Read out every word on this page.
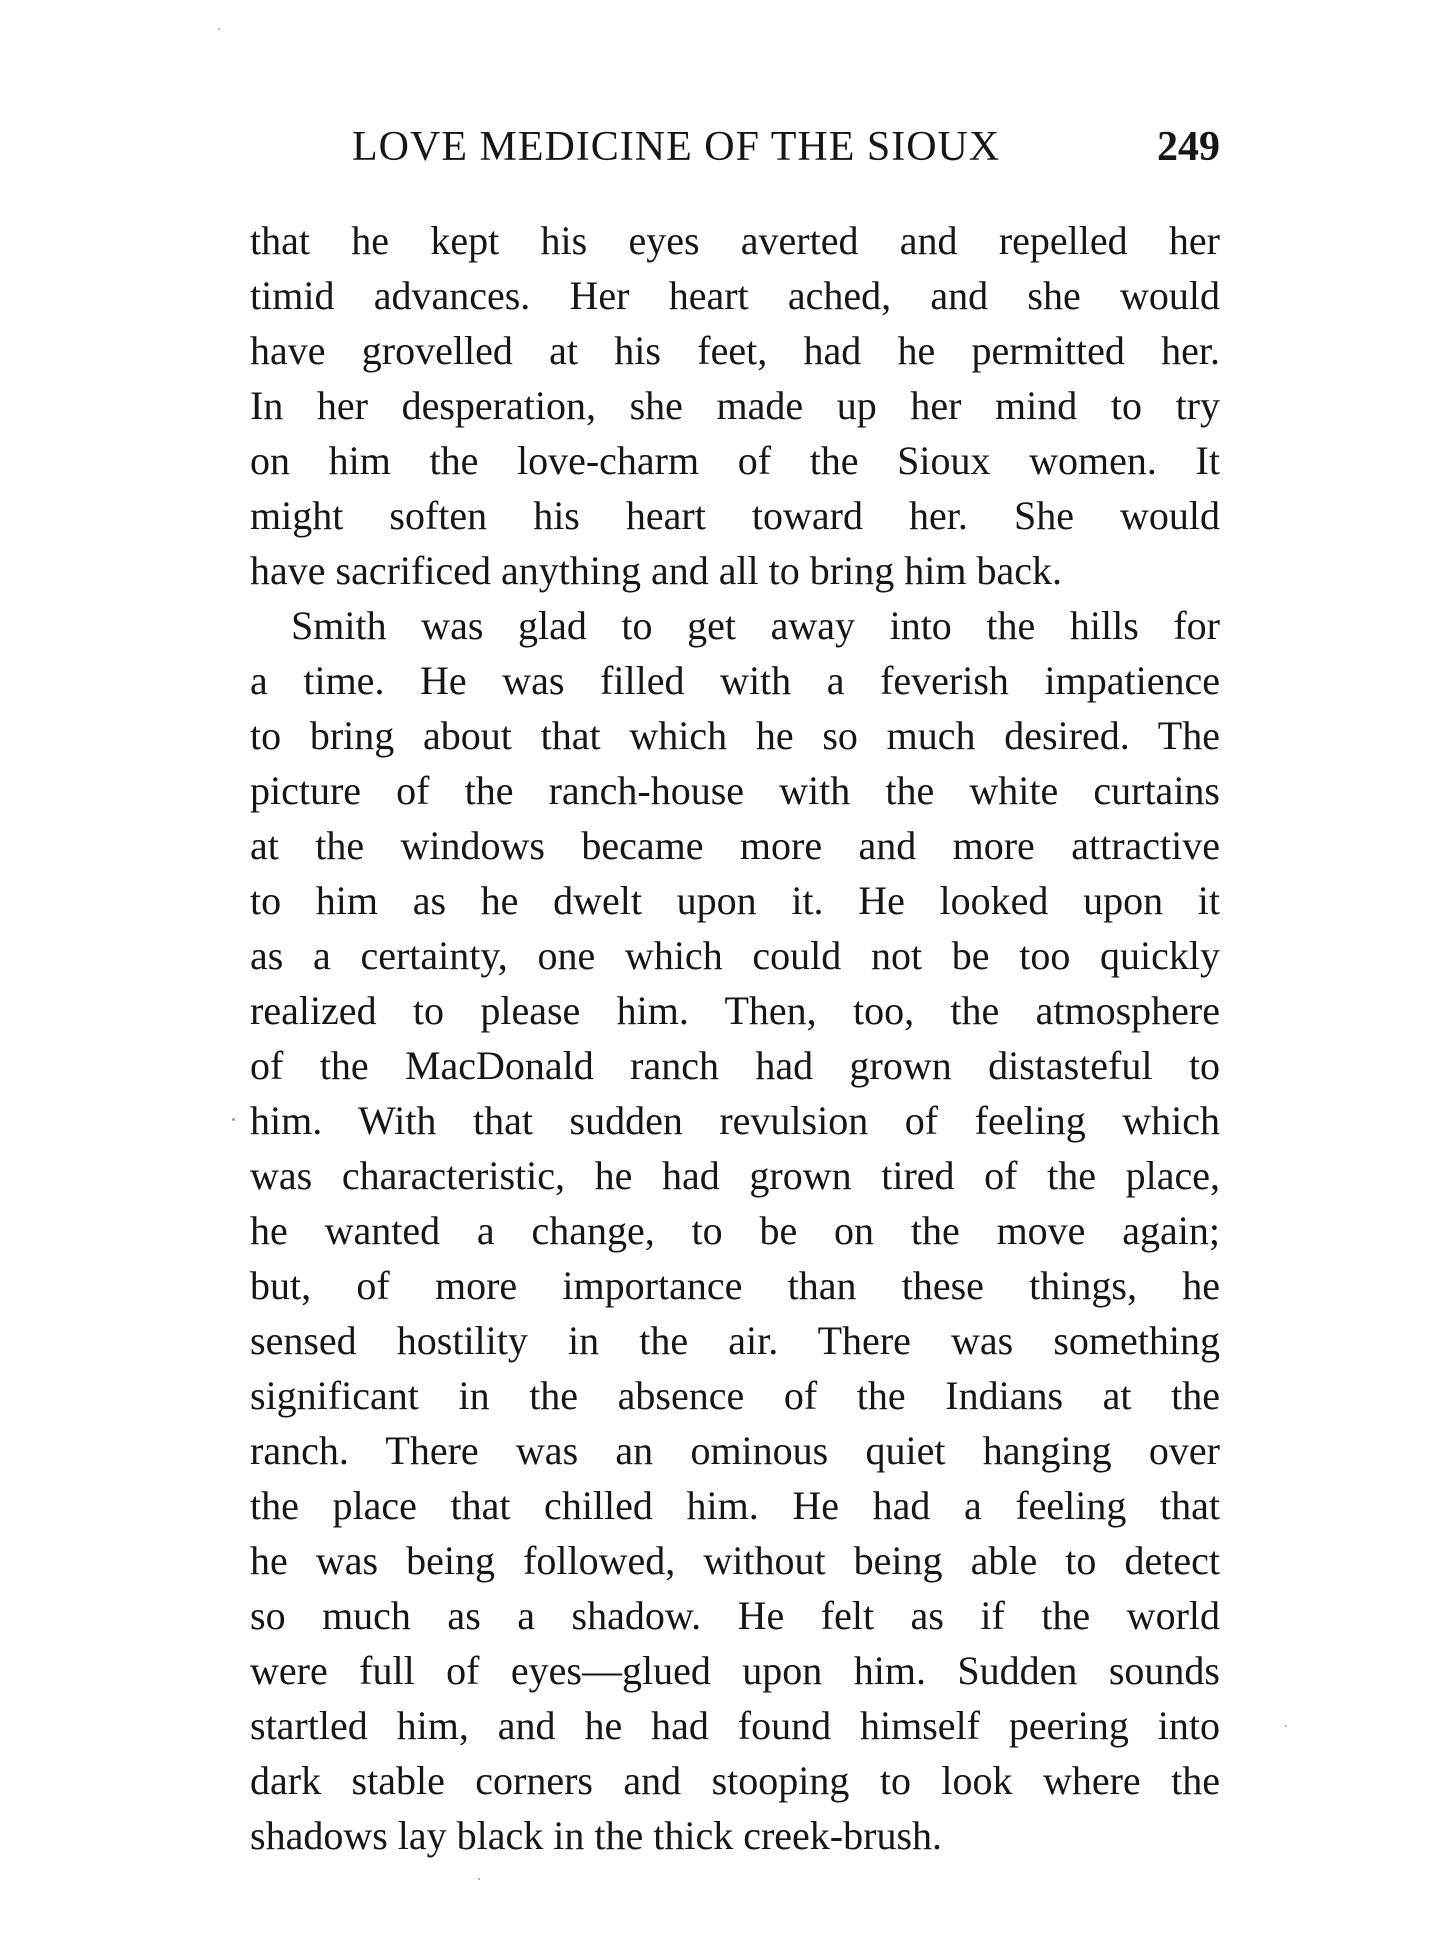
LOVE MEDICINE OF THE SIOUX	249
that he kept his eyes averted and repelled her
timid advances. Her heart ached, and she would
have grovelled at his feet, had he permitted her.
In her desperation, she made up her mind to try
on him the love-charm of the Sioux women. It
might soften his heart toward her. She would
have sacrificed anything and all to bring him back.
Smith was glad to get away into the hills for
a time. He was filled with a feverish impatience
to bring about that which he so much desired. The
picture of the ranch-house with the white curtains
at the windows became more and more attractive
to him as he dwelt upon it. He looked upon it
as a certainty, one which could not be too quickly
realized to please him. Then, too, the atmosphere
of the MacDonald ranch had grown distasteful to
him. With that sudden revulsion of feeling which
was characteristic, he had grown tired of the place,
he wanted a change, to be on the move again;
but, of more importance than these things, he
sensed hostility in the air. There was something
significant in the absence of the Indians at the
ranch. There was an ominous quiet hanging over
the place that chilled him. He had a feeling that
he was being followed, without being able to detect
so much as a shadow. He felt as if the world
were full of eyes—glued upon him. Sudden sounds
startled him, and he had found himself peering into
dark stable corners and stooping to look where the
shadows lay black in the thick creek-brush.
